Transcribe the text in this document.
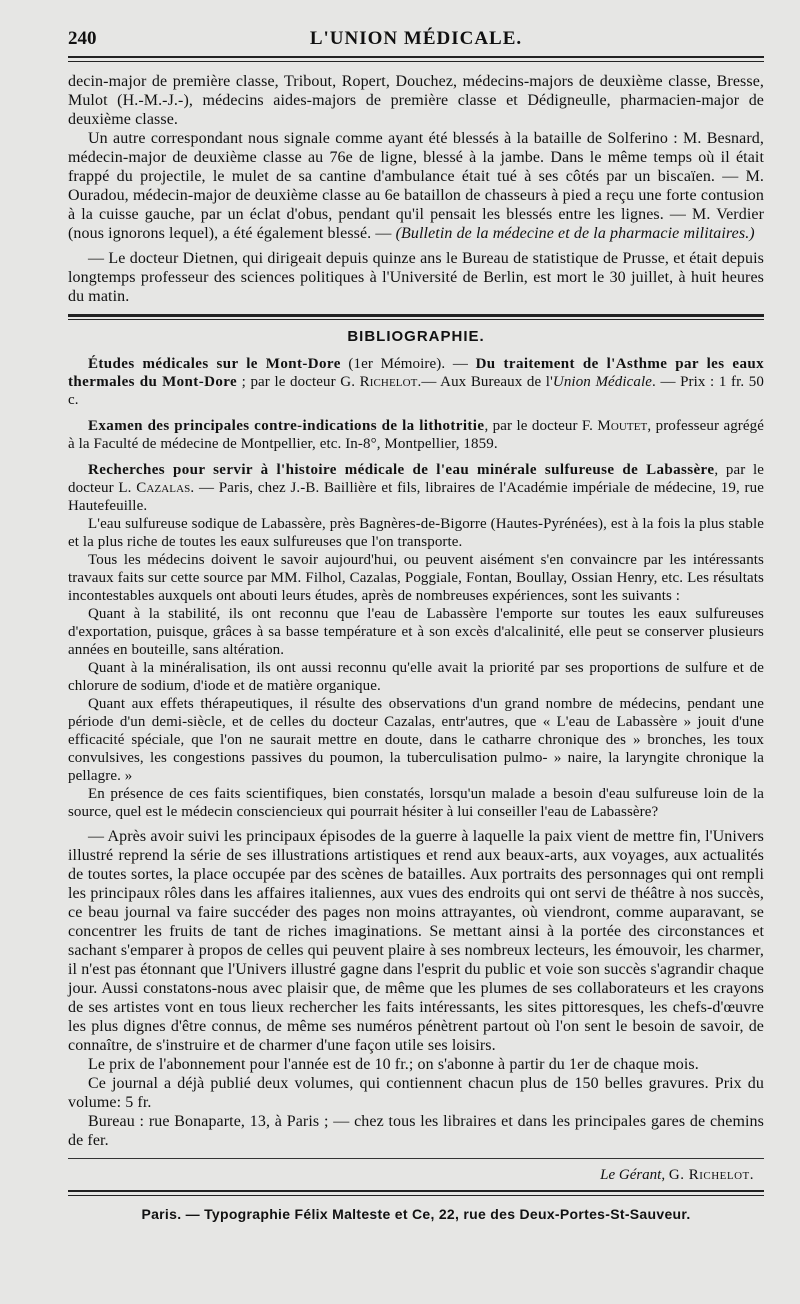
240	L'UNION MÉDICALE.

decin-major de première classe, Tribout, Ropert, Douchez, médecins-majors de deuxième classe, Bresse, Mulot (H.-M.-J.-), médecins aides-majors de première classe et Dédigneulle, pharmacien-major de deuxième classe.

Un autre correspondant nous signale comme ayant été blessés à la bataille de Solferino : M. Besnard, médecin-major de deuxième classe au 76e de ligne, blessé à la jambe. Dans le même temps où il était frappé du projectile, le mulet de sa cantine d'ambulance était tué à ses côtés par un biscaïen. — M. Ouradou, médecin-major de deuxième classe au 6e bataillon de chasseurs à pied a reçu une forte contusion à la cuisse gauche, par un éclat d'obus, pendant qu'il pensait les blessés entre les lignes. — M. Verdier (nous ignorons lequel), a été également blessé. — (Bulletin de la médecine et de la pharmacie militaires.)

— Le docteur Dietnen, qui dirigeait depuis quinze ans le Bureau de statistique de Prusse, et était depuis longtemps professeur des sciences politiques à l'Université de Berlin, est mort le 30 juillet, à huit heures du matin.

BIBLIOGRAPHIE.

Études médicales sur le Mont-Dore (1er Mémoire). — Du traitement de l'Asthme par les eaux thermales du Mont-Dore ; par le docteur G. Richelot.— Aux Bureaux de l'Union Médicale. — Prix : 1 fr. 50 c.

Examen des principales contre-indications de la lithotritie, par le docteur F. Moutet, professeur agrégé à la Faculté de médecine de Montpellier, etc. In-8°, Montpellier, 1859.

Recherches pour servir à l'histoire médicale de l'eau minérale sulfureuse de Labassère, par le docteur L. Cazalas. — Paris, chez J.-B. Baillière et fils, libraires de l'Académie impériale de médecine, 19, rue Hautefeuille.

L'eau sulfureuse sodique de Labassère, près Bagnères-de-Bigorre (Hautes-Pyrénées), est à la fois la plus stable et la plus riche de toutes les eaux sulfureuses que l'on transporte.

Tous les médecins doivent le savoir aujourd'hui, ou peuvent aisément s'en convaincre par les intéressants travaux faits sur cette source par MM. Filhol, Cazalas, Poggiale, Fontan, Boullay, Ossian Henry, etc. Les résultats incontestables auxquels ont abouti leurs études, après de nombreuses expériences, sont les suivants :

Quant à la stabilité, ils ont reconnu que l'eau de Labassère l'emporte sur toutes les eaux sulfureuses d'exportation, puisque, grâces à sa basse température et à son excès d'alcalinité, elle peut se conserver plusieurs années en bouteille, sans altération.

Quant à la minéralisation, ils ont aussi reconnu qu'elle avait la priorité par ses proportions de sulfure et de chlorure de sodium, d'iode et de matière organique.

Quant aux effets thérapeutiques, il résulte des observations d'un grand nombre de médecins, pendant une période d'un demi-siècle, et de celles du docteur Cazalas, entr'autres, que « L'eau de Labassère » jouit d'une efficacité spéciale, que l'on ne saurait mettre en doute, dans le catharre chronique des » bronches, les toux convulsives, les congestions passives du poumon, la tuberculisation pulmo- » naire, la laryngite chronique la pellagre. »

En présence de ces faits scientifiques, bien constatés, lorsqu'un malade a besoin d'eau sulfureuse loin de la source, quel est le médecin consciencieux qui pourrait hésiter à lui conseiller l'eau de Labassère?

— Après avoir suivi les principaux épisodes de la guerre à laquelle la paix vient de mettre fin, l'Univers illustré reprend la série de ses illustrations artistiques et rend aux beaux-arts, aux voyages, aux actualités de toutes sortes, la place occupée par des scènes de batailles. Aux portraits des personnages qui ont rempli les principaux rôles dans les affaires italiennes, aux vues des endroits qui ont servi de théâtre à nos succès, ce beau journal va faire succéder des pages non moins attrayantes, où viendront, comme auparavant, se concentrer les fruits de tant de riches imaginations. Se mettant ainsi à la portée des circonstances et sachant s'emparer à propos de celles qui peuvent plaire à ses nombreux lecteurs, les émouvoir, les charmer, il n'est pas étonnant que l'Univers illustré gagne dans l'esprit du public et voie son succès s'agrandir chaque jour. Aussi constatons-nous avec plaisir que, de même que les plumes de ses collaborateurs et les crayons de ses artistes vont en tous lieux rechercher les faits intéressants, les sites pittoresques, les chefs-d'œuvre les plus dignes d'être connus, de même ses numéros pénètrent partout où l'on sent le besoin de savoir, de connaître, de s'instruire et de charmer d'une façon utile ses loisirs.

Le prix de l'abonnement pour l'année est de 10 fr.; on s'abonne à partir du 1er de chaque mois.

Ce journal a déjà publié deux volumes, qui contiennent chacun plus de 150 belles gravures. Prix du volume: 5 fr.

Bureau : rue Bonaparte, 13, à Paris ; — chez tous les libraires et dans les principales gares de chemins de fer.

Le Gérant, G. Richelot.
Paris. — Typographie Félix Malteste et Ce, 22, rue des Deux-Portes-St-Sauveur.
